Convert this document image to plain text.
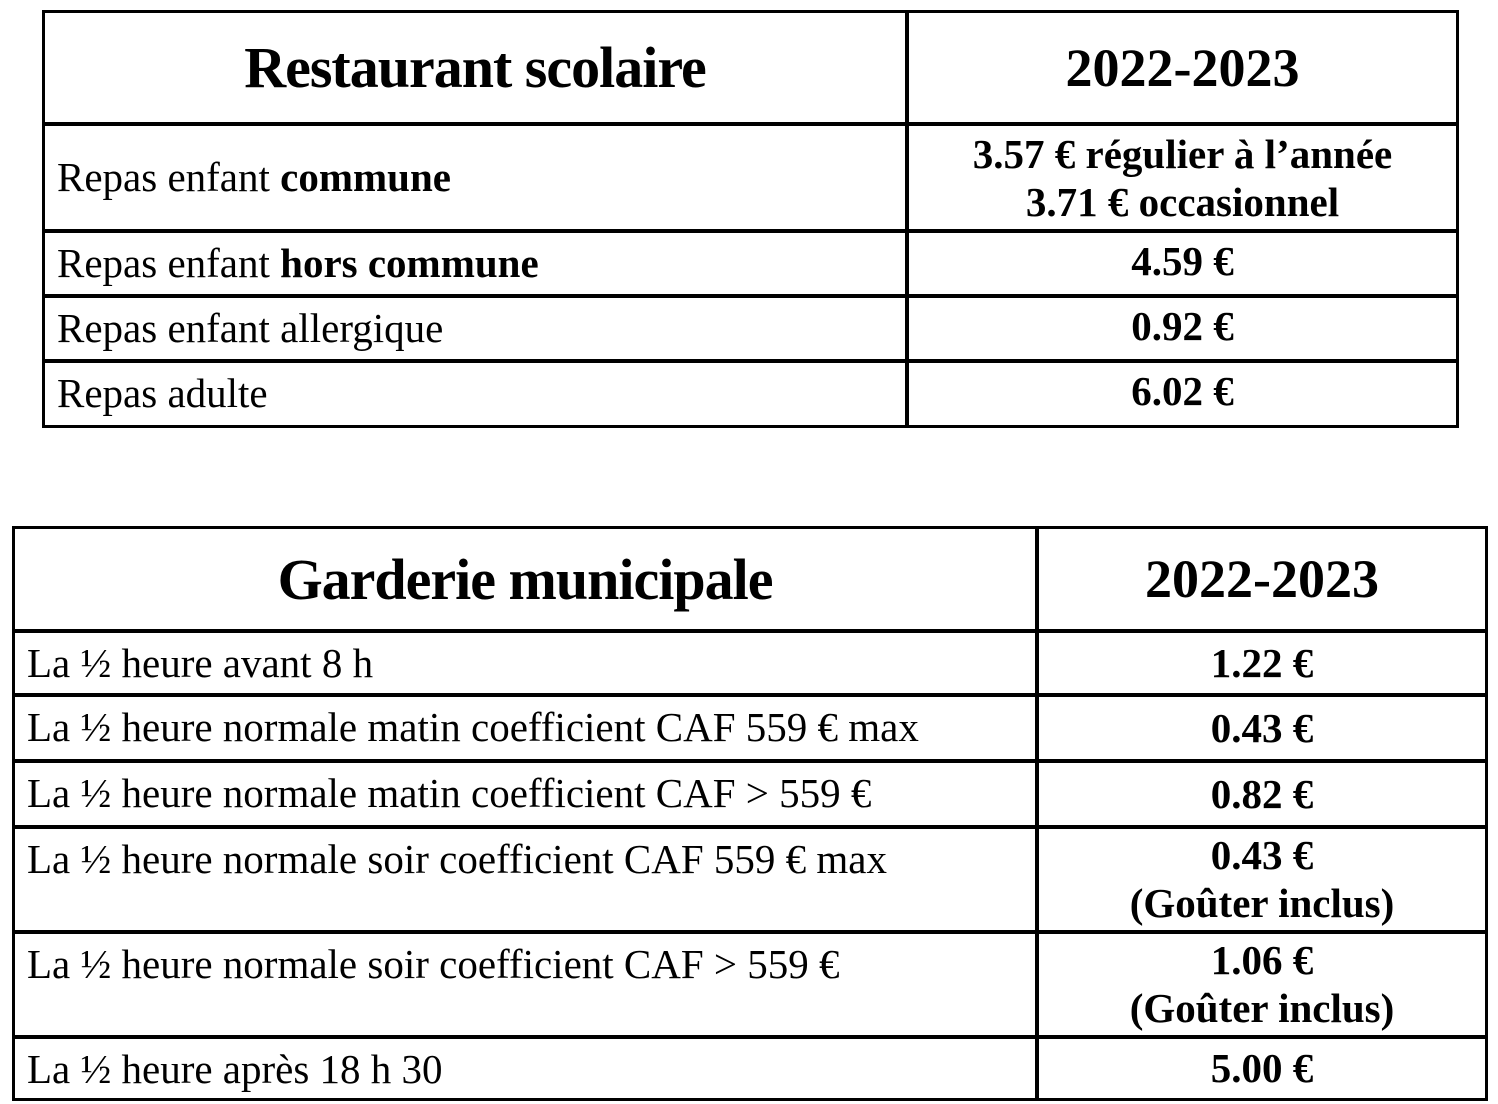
Restaurant scolaire	2022-2023
Repas enfant commune	3.57 € régulier à l’année
3.71 € occasionnel

Repas enfant hors commune	4.59 €

Repas enfant allergique	0.92 €

Repas adulte	6.02 €
Garderie municipale	2022-2023
La ½ heure avant 8 h	1.22 €

La ½ heure normale matin coefficient CAF 559 € max	0.43 €

La ½ heure normale matin coefficient CAF > 559 €	0.82 €

La ½ heure normale soir coefficient CAF 559 € max	0.43 €
(Goûter inclus)

La ½ heure normale soir coefficient CAF > 559 €	1.06 €
(Goûter inclus)

La ½ heure après 18 h 30	5.00 €
